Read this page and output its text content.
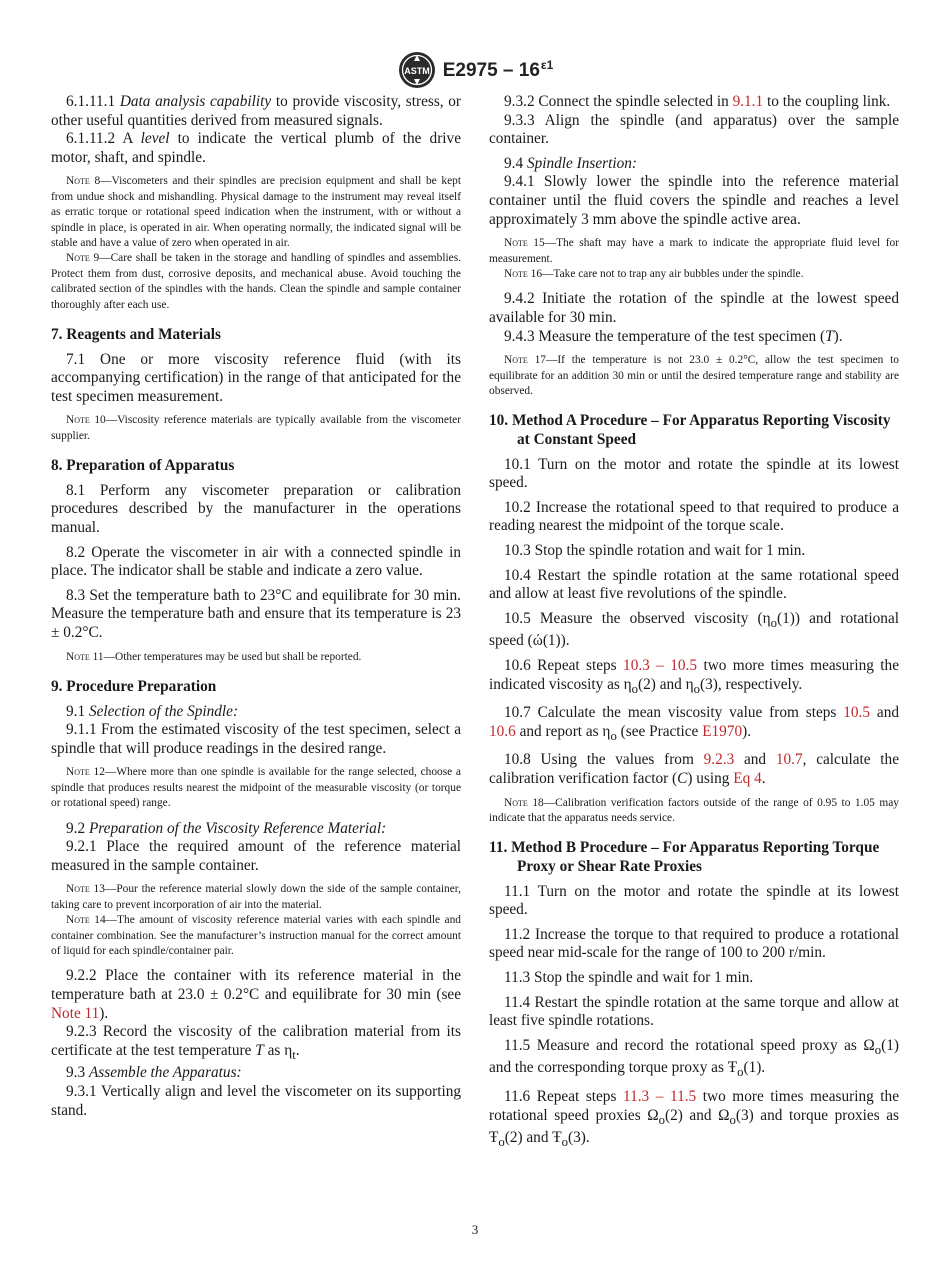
ASTM $E2975 - 16^{\varepsilon 1}$

6.1.11.1 Data analysis capability to provide viscosity, stress, or other useful quantities derived from measured signals.

6.1.11.2 A level to indicate the vertical plumb of the drive motor, shaft, and spindle.

Note 8—Viscometers and their spindles are precision equipment and shall be kept from undue shock and mishandling. Physical damage to the instrument may reveal itself as erratic torque or rotational speed indication when the instrument, with or without a spindle in place, is operated in air. When operating normally, the indicated signal will be stable and have a value of zero when operated in air.

Note 9—Care shall be taken in the storage and handling of spindles and assemblies. Protect them from dust, corrosive deposits, and mechanical abuse. Avoid touching the calibrated section of the spindles with the hands. Clean the spindle and sample container thoroughly after each use.

7. Reagents and Materials

7.1 One or more viscosity reference fluid (with its accompanying certification) in the range of that anticipated for the test specimen measurement.

Note 10—Viscosity reference materials are typically available from the viscometer supplier.

8. Preparation of Apparatus

8.1 Perform any viscometer preparation or calibration procedures described by the manufacturer in the operations manual.

8.2 Operate the viscometer in air with a connected spindle in place. The indicator shall be stable and indicate a zero value.

8.3 Set the temperature bath to 23°C and equilibrate for 30 min. Measure the temperature bath and ensure that its temperature is 23 ± 0.2°C.

Note 11—Other temperatures may be used but shall be reported.

9. Procedure Preparation

9.1 Selection of the Spindle:

9.1.1 From the estimated viscosity of the test specimen, select a spindle that will produce readings in the desired range.

Note 12—Where more than one spindle is available for the range selected, choose a spindle that produces results nearest the midpoint of the measurable viscosity (or torque or rotational speed) range.

9.2 Preparation of the Viscosity Reference Material:

9.2.1 Place the required amount of the reference material measured in the sample container.

Note 13—Pour the reference material slowly down the side of the sample container, taking care to prevent incorporation of air into the material.

Note 14—The amount of viscosity reference material varies with each spindle and container combination. See the manufacturer’s instruction manual for the correct amount of liquid for each spindle/container pair.

9.2.2 Place the container with its reference material in the temperature bath at 23.0 ± 0.2°C and equilibrate for 30 min (see Note 11).

9.2.3 Record the viscosity of the calibration material from its certificate at the test temperature T as $\eta_t$.

9.3 Assemble the Apparatus:

9.3.1 Vertically align and level the viscometer on its supporting stand.

9.3.2 Connect the spindle selected in 9.1.1 to the coupling link.

9.3.3 Align the spindle (and apparatus) over the sample container.

9.4 Spindle Insertion:

9.4.1 Slowly lower the spindle into the reference material container until the fluid covers the spindle and reaches a level approximately 3 mm above the spindle active area.

Note 15—The shaft may have a mark to indicate the appropriate fluid level for measurement.

Note 16—Take care not to trap any air bubbles under the spindle.

9.4.2 Initiate the rotation of the spindle at the lowest speed available for 30 min.

9.4.3 Measure the temperature of the test specimen (T).

Note 17—If the temperature is not 23.0 ± 0.2°C, allow the test specimen to equilibrate for an addition 30 min or until the desired temperature range and stability are observed.

10. Method A Procedure – For Apparatus Reporting Viscosity at Constant Speed

10.1 Turn on the motor and rotate the spindle at its lowest speed.

10.2 Increase the rotational speed to that required to produce a reading nearest the midpoint of the torque scale.

10.3 Stop the spindle rotation and wait for 1 min.

10.4 Restart the spindle rotation at the same rotational speed and allow at least five revolutions of the spindle.

10.5 Measure the observed viscosity $(\eta_o(1))$ and rotational speed (ώ(1)).

10.6 Repeat steps 10.3 – 10.5 two more times measuring the indicated viscosity as $\eta_o(2)$ and $\eta_o(3)$, respectively.

10.7 Calculate the mean viscosity value from steps 10.5 and 10.6 and report as $\eta_o$ (see Practice E1970).

10.8 Using the values from 9.2.3 and 10.7, calculate the calibration verification factor (C) using Eq 4.

Note 18—Calibration verification factors outside of the range of 0.95 to 1.05 may indicate that the apparatus needs service.

11. Method B Procedure – For Apparatus Reporting Torque Proxy or Shear Rate Proxies

11.1 Turn on the motor and rotate the spindle at its lowest speed.

11.2 Increase the torque to that required to produce a rotational speed near mid-scale for the range of 100 to 200 r/min.

11.3 Stop the spindle and wait for 1 min.

11.4 Restart the spindle rotation at the same torque and allow at least five spindle rotations.

11.5 Measure and record the rotational speed proxy as $\Omega_o(1)$ and the corresponding torque proxy as $Ŧ_o(1)$.

11.6 Repeat steps 11.3 – 11.5 two more times measuring the rotational speed proxies $\Omega_o(2)$ and $\Omega_o(3)$ and torque proxies as $Ŧ_o(2)$ and $Ŧ_o(3)$.

3
